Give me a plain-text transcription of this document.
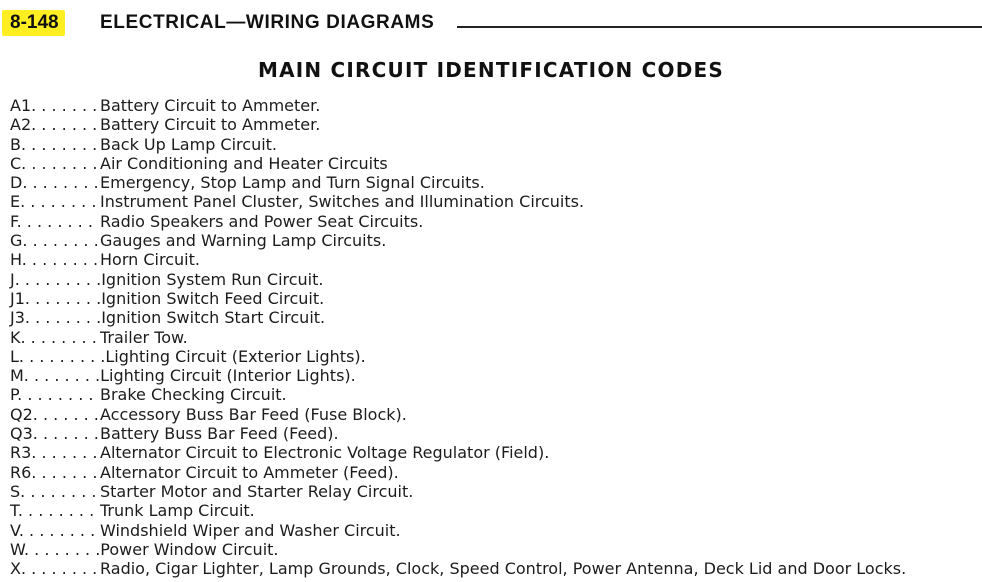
8-148	ELECTRICAL—WIRING DIAGRAMS
MAIN CIRCUIT IDENTIFICATION CODES
A1. . . . . . . Battery Circuit to Ammeter.
A2. . . . . . . Battery Circuit to Ammeter.
B. . . . . . . . Back Up Lamp Circuit.
C. . . . . . . . Air Conditioning and Heater Circuits
D. . . . . . . .Emergency, Stop Lamp and Turn Signal Circuits.
E. . . . . . . . Instrument Panel Cluster, Switches and Illumination Circuits.
F. . . . . . . . Radio Speakers and Power Seat Circuits.
G. . . . . . . .Gauges and Warning Lamp Circuits.
H. . . . . . . . Horn Circuit.
J. . . . . . . . .Ignition System Run Circuit.
J1. . . . . . . .Ignition Switch Feed Circuit.
J3. . . . . . . .Ignition Switch Start Circuit.
K. . . . . . . . Trailer Tow.
L. . . . . . . . .Lighting Circuit (Exterior Lights).
M. . . . . . . .Lighting Circuit (Interior Lights).
P. . . . . . . . Brake Checking Circuit.
Q2. . . . . . .Accessory Buss Bar Feed (Fuse Block).
Q3. . . . . . .Battery Buss Bar Feed (Feed).
R3. . . . . . . Alternator Circuit to Electronic Voltage Regulator (Field).
R6. . . . . . . Alternator Circuit to Ammeter (Feed).
S. . . . . . . . Starter Motor and Starter Relay Circuit.
T. . . . . . . . Trunk Lamp Circuit.
V. . . . . . . . Windshield Wiper and Washer Circuit.
W. . . . . . . .Power Window Circuit.
X. . . . . . . . Radio, Cigar Lighter, Lamp Grounds, Clock, Speed Control, Power Antenna, Deck Lid and Door Locks.
